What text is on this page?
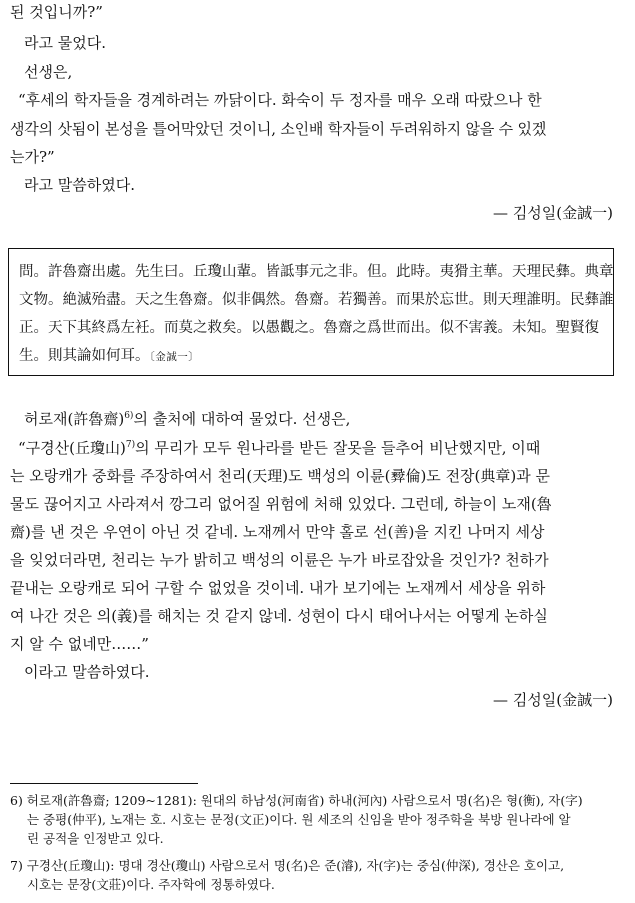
된 것입니까?”
라고 물었다.
선생은,
“후세의 학자들을 경계하려는 까닭이다. 화숙이 두 정자를 매우 오래 따랐으나 한
생각의 삿됨이 본성을 틀어막았던 것이니, 소인배 학자들이 두려워하지 않을 수 있겠
는가?”
라고 말씀하였다.
— 김성일(金誠一)
問。許魯齋出處。先生曰。丘瓊山輩。皆詆事元之非。但。此時。夷猾主華。天理民彝。典章
文物。絶滅殆盡。天之生魯齋。似非偶然。魯齋。若獨善。而果於忘世。則天理誰明。民彝誰
正。天下其終爲左衽。而莫之救矣。以愚觀之。魯齋之爲世而出。似不害義。未知。聖賢復
生。則其論如何耳。〔金誠一〕
허로재(許魯齋)$^{6)}$의 출처에 대하여 물었다. 선생은,
“구경산(丘瓊山)$^{7)}$의 무리가 모두 원나라를 받든 잘못을 들추어 비난했지만, 이때
는 오랑캐가 중화를 주장하여서 천리(天理)도 백성의 이륜(彛倫)도 전장(典章)과 문
물도 끊어지고 사라져서 깡그리 없어질 위험에 처해 있었다. 그런데, 하늘이 노재(魯
齋)를 낸 것은 우연이 아닌 것 같네. 노재께서 만약 홀로 선(善)을 지킨 나머지 세상
을 잊었더라면, 천리는 누가 밝히고 백성의 이륜은 누가 바로잡았을 것인가? 천하가
끝내는 오랑캐로 되어 구할 수 없었을 것이네. 내가 보기에는 노재께서 세상을 위하
여 나간 것은 의(義)를 해치는 것 같지 않네. 성현이 다시 태어나서는 어떻게 논하실
지 알 수 없네만……”
이라고 말씀하였다.
— 김성일(金誠一)
6) 허로재(許魯齋; 1209~1281): 원대의 하남성(河南省) 하내(河內) 사람으로서 명(名)은 형(衡), 자(字)
는 중평(仲平), 노재는 호. 시호는 문정(文正)이다. 원 세조의 신임을 받아 정주학을 북방 원나라에 알
린 공적을 인정받고 있다.
7) 구경산(丘瓊山): 명대 경산(瓊山) 사람으로서 명(名)은 준(濬), 자(字)는 중심(仲深), 경산은 호이고,
시호는 문장(文莊)이다. 주자학에 정통하였다.
